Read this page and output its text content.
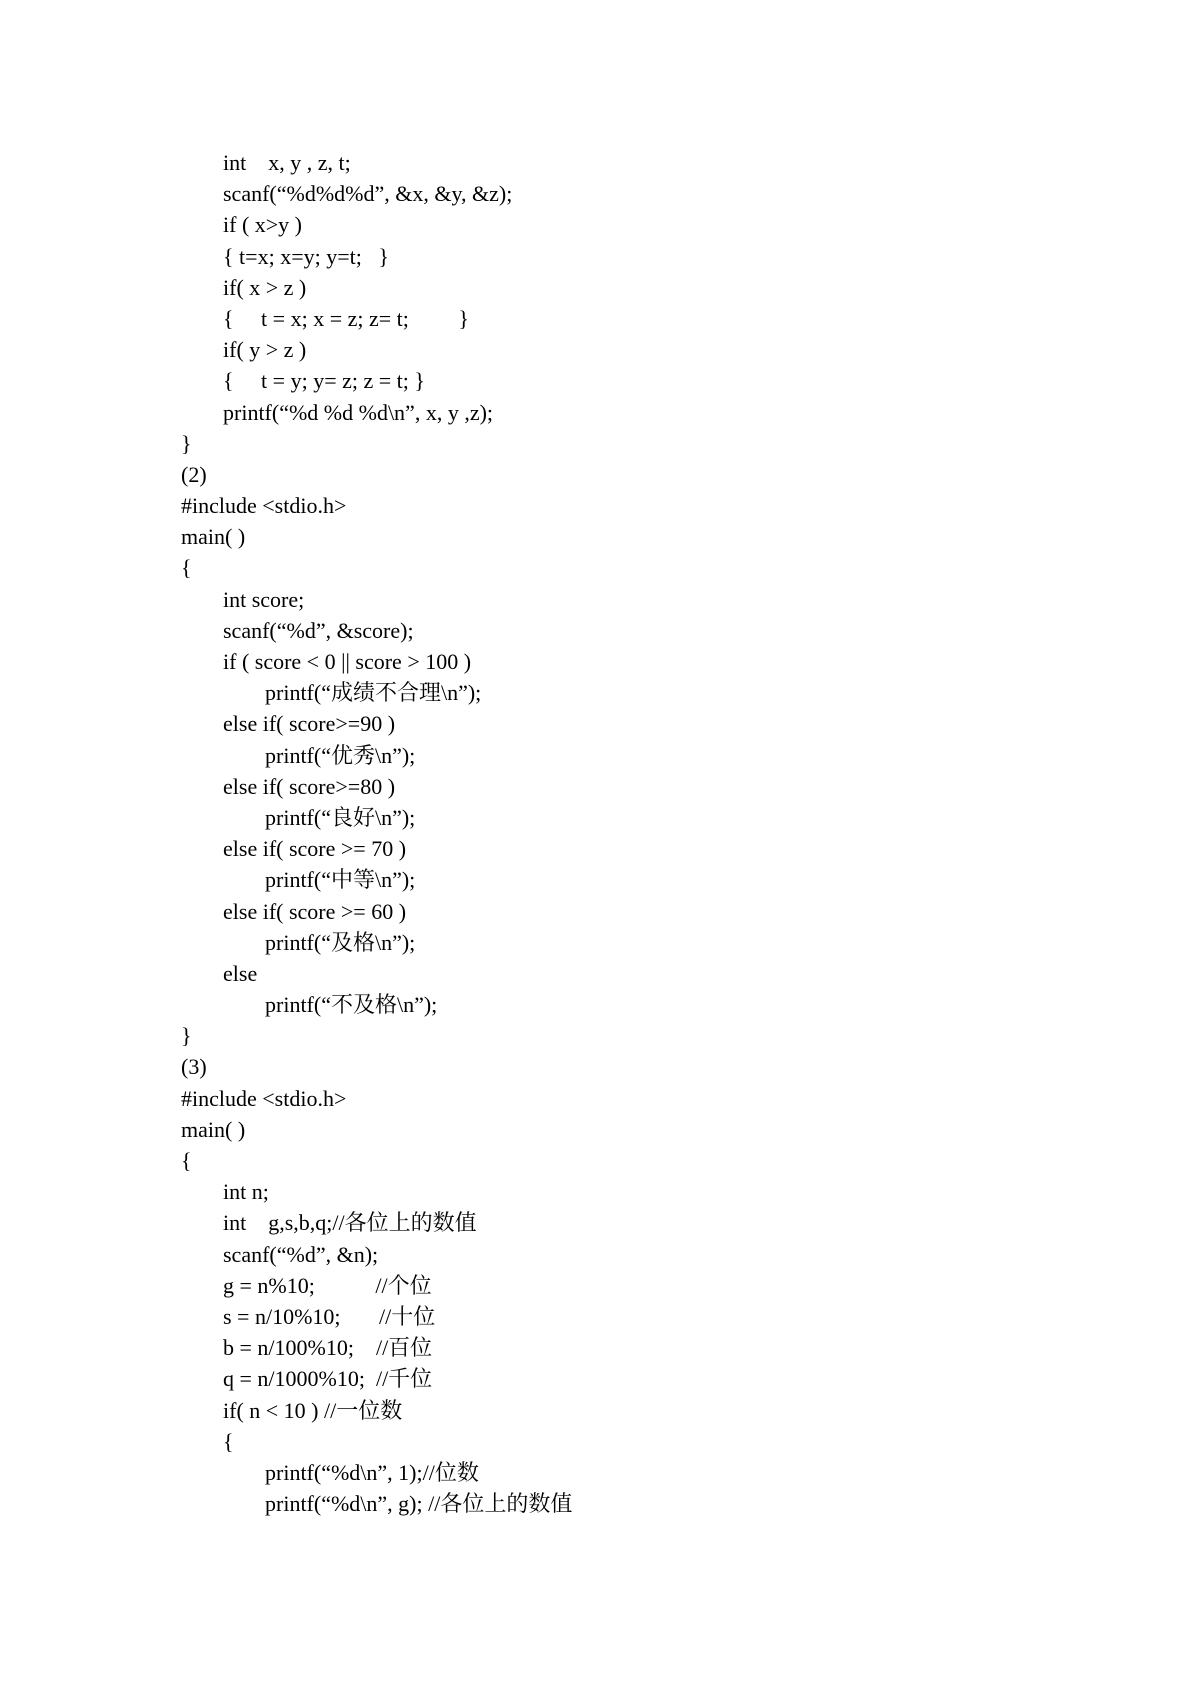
int    x, y , z, t;
scanf(“%d%d%d”, &x, &y, &z);
if ( x>y )
{ t=x; x=y; y=t;   }
if( x > z )
{     t = x; x = z; z= t;         }
if( y > z )
{     t = y; y= z; z = t; }
printf(“%d %d %d\n”, x, y ,z);
}
(2)
#include <stdio.h>
main( )
{
int score;
scanf(“%d”, &score);
if ( score < 0 || score > 100 )
printf(“成绩不合理\n”);
else if( score>=90 )
printf(“优秀\n”);
else if( score>=80 )
printf(“良好\n”);
else if( score >= 70 )
printf(“中等\n”);
else if( score >= 60 )
printf(“及格\n”);
else
printf(“不及格\n”);
}
(3)
#include <stdio.h>
main( )
{
int n;
int    g,s,b,q;//各位上的数值
scanf(“%d”, &n);
g = n%10;           //个位
s = n/10%10;       //十位
b = n/100%10;    //百位
q = n/1000%10;  //千位
if( n < 10 ) //一位数
{
printf(“%d\n”, 1);//位数
printf(“%d\n”, g); //各位上的数值
